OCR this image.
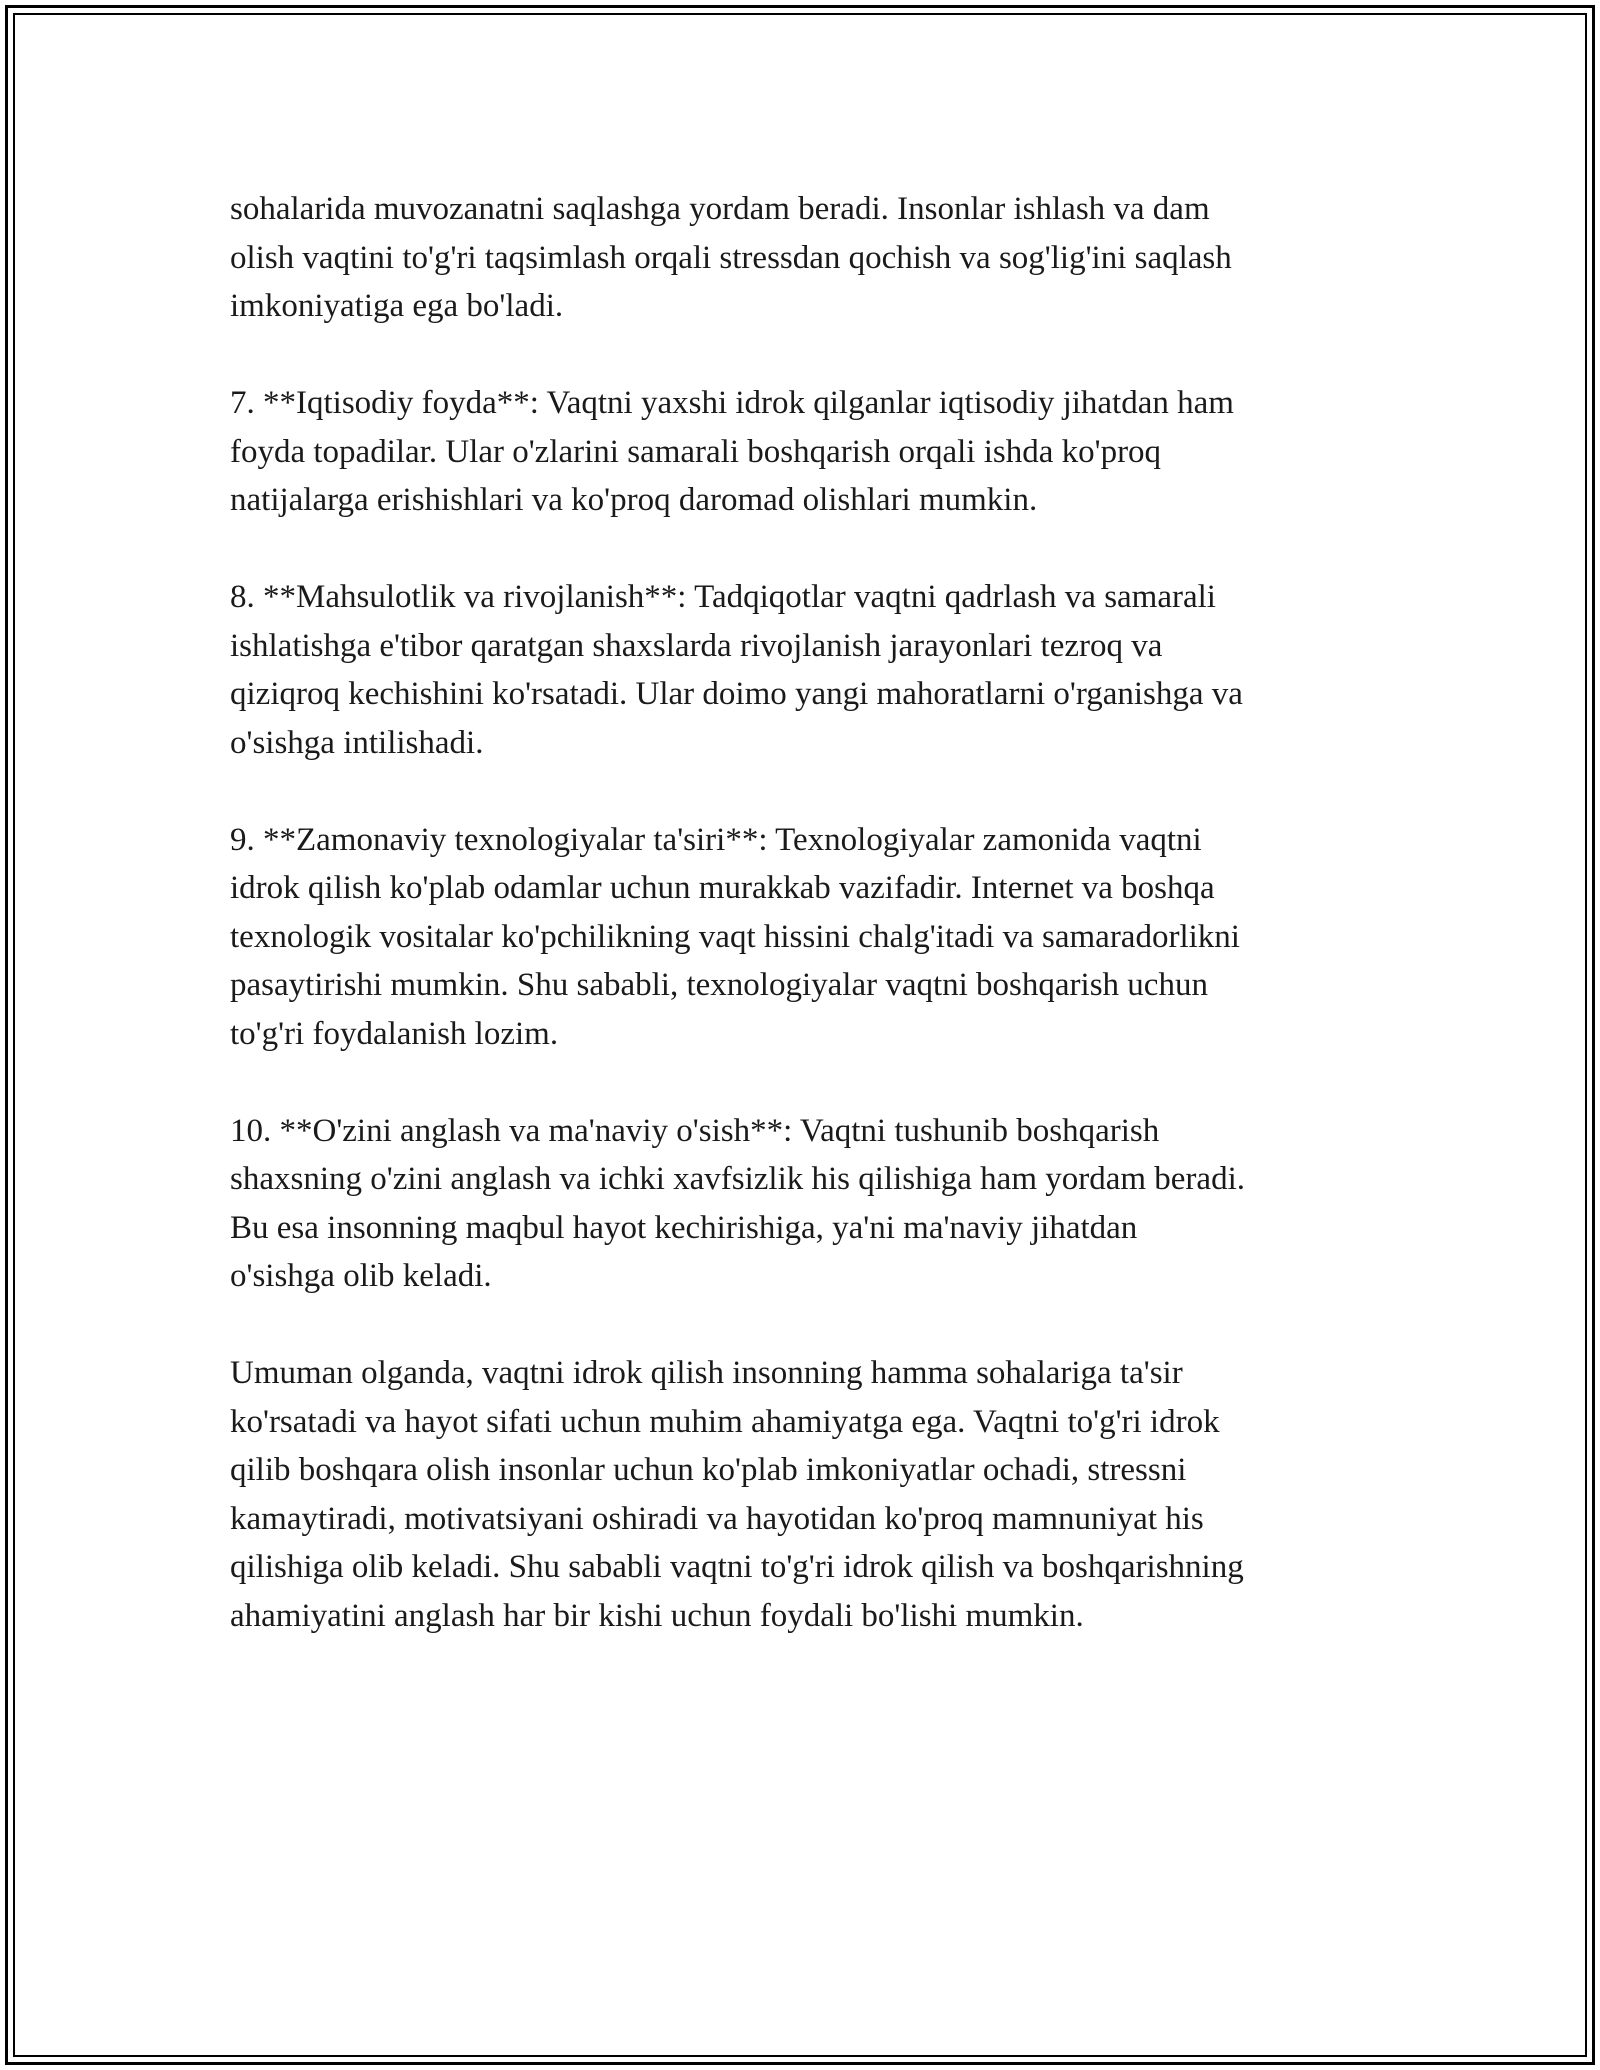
sohalarida muvozanatni saqlashga yordam beradi. Insonlar ishlash va dam
olish vaqtini to'g'ri taqsimlash orqali stressdan qochish va sog'lig'ini saqlash
imkoniyatiga ega bo'ladi.

7. **Iqtisodiy foyda**: Vaqtni yaxshi idrok qilganlar iqtisodiy jihatdan ham
foyda topadilar. Ular o'zlarini samarali boshqarish orqali ishda ko'proq
natijalarga erishishlari va ko'proq daromad olishlari mumkin.

8. **Mahsulotlik va rivojlanish**: Tadqiqotlar vaqtni qadrlash va samarali
ishlatishga e'tibor qaratgan shaxslarda rivojlanish jarayonlari tezroq va
qiziqroq kechishini ko'rsatadi. Ular doimo yangi mahoratlarni o'rganishga va
o'sishga intilishadi.

9. **Zamonaviy texnologiyalar ta'siri**: Texnologiyalar zamonida vaqtni
idrok qilish ko'plab odamlar uchun murakkab vazifadir. Internet va boshqa
texnologik vositalar ko'pchilikning vaqt hissini chalg'itadi va samaradorlikni
pasaytirishi mumkin. Shu sababli, texnologiyalar vaqtni boshqarish uchun
to'g'ri foydalanish lozim.

10. **O'zini anglash va ma'naviy o'sish**: Vaqtni tushunib boshqarish
shaxsning o'zini anglash va ichki xavfsizlik his qilishiga ham yordam beradi.
Bu esa insonning maqbul hayot kechirishiga, ya'ni ma'naviy jihatdan
o'sishga olib keladi.

Umuman olganda, vaqtni idrok qilish insonning hamma sohalariga ta'sir
ko'rsatadi va hayot sifati uchun muhim ahamiyatga ega. Vaqtni to'g'ri idrok
qilib boshqara olish insonlar uchun ko'plab imkoniyatlar ochadi, stressni
kamaytiradi, motivatsiyani oshiradi va hayotidan ko'proq mamnuniyat his
qilishiga olib keladi. Shu sababli vaqtni to'g'ri idrok qilish va boshqarishning
ahamiyatini anglash har bir kishi uchun foydali bo'lishi mumkin.
